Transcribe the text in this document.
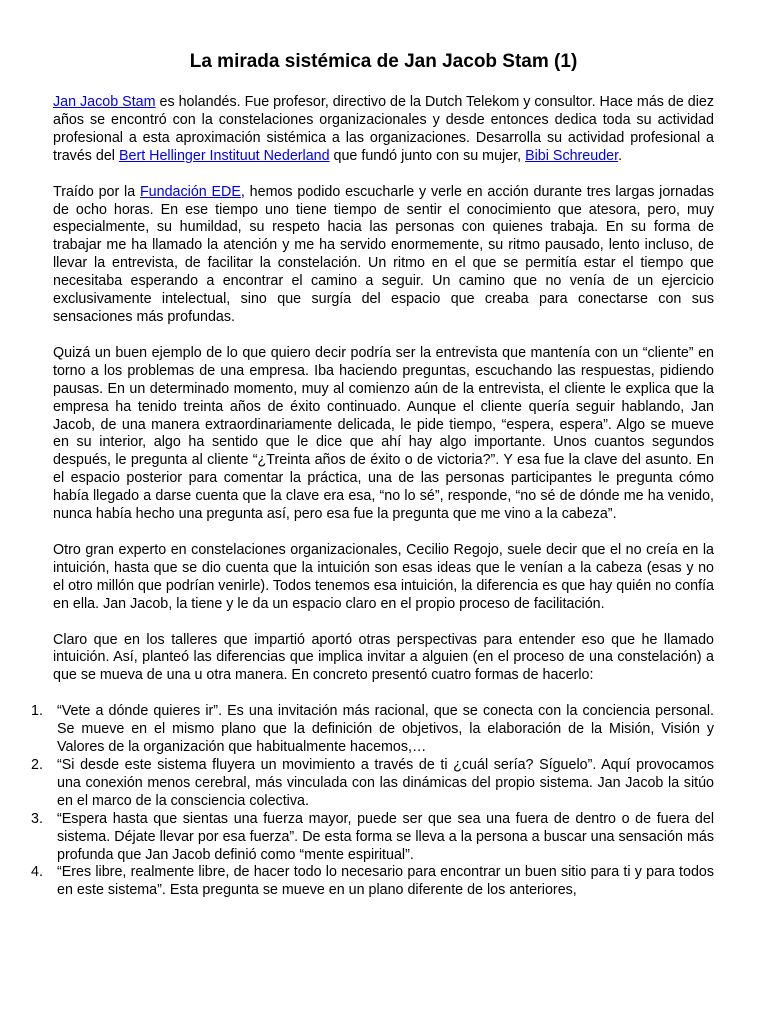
La mirada sistémica de Jan Jacob Stam (1)

Jan Jacob Stam es holandés. Fue profesor, directivo de la Dutch Telekom y consultor. Hace más de diez años se encontró con la constelaciones organizacionales y desde entonces dedica toda su actividad profesional a esta aproximación sistémica a las organizaciones. Desarrolla su actividad profesional a través del Bert Hellinger Instituut Nederland que fundó junto con su mujer, Bibi Schreuder.

Traído por la Fundación EDE, hemos podido escucharle y verle en acción durante tres largas jornadas de ocho horas. En ese tiempo uno tiene tiempo de sentir el conocimiento que atesora, pero, muy especialmente, su humildad, su respeto hacia las personas con quienes trabaja. En su forma de trabajar me ha llamado la atención y me ha servido enormemente, su ritmo pausado, lento incluso, de llevar la entrevista, de facilitar la constelación. Un ritmo en el que se permitía estar el tiempo que necesitaba esperando a encontrar el camino a seguir. Un camino que no venía de un ejercicio exclusivamente intelectual, sino que surgía del espacio que creaba para conectarse con sus sensaciones más profundas.

Quizá un buen ejemplo de lo que quiero decir podría ser la entrevista que mantenía con un “cliente” en torno a los problemas de una empresa. Iba haciendo preguntas, escuchando las respuestas, pidiendo pausas. En un determinado momento, muy al comienzo aún de la entrevista, el cliente le explica que la empresa ha tenido treinta años de éxito continuado. Aunque el cliente quería seguir hablando, Jan Jacob, de una manera extraordinariamente delicada, le pide tiempo, “espera, espera”. Algo se mueve en su interior, algo ha sentido que le dice que ahí hay algo importante. Unos cuantos segundos después, le pregunta al cliente “¿Treinta años de éxito o de victoria?”. Y esa fue la clave del asunto. En el espacio posterior para comentar la práctica, una de las personas participantes le pregunta cómo había llegado a darse cuenta que la clave era esa, “no lo sé”, responde, “no sé de dónde me ha venido, nunca había hecho una pregunta así, pero esa fue la pregunta que me vino a la cabeza”.

Otro gran experto en constelaciones organizacionales, Cecilio Regojo, suele decir que el no creía en la intuición, hasta que se dio cuenta que la intuición son esas ideas que le venían a la cabeza (esas y no el otro millón que podrían venirle). Todos tenemos esa intuición, la diferencia es que hay quién no confía en ella. Jan Jacob, la tiene y le da un espacio claro en el propio proceso de facilitación.

Claro que en los talleres que impartió aportó otras perspectivas para entender eso que he llamado intuición. Así, planteó las diferencias que implica invitar a alguien (en el proceso de una constelación) a que se mueva de una u otra manera. En concreto presentó cuatro formas de hacerlo:

1. “Vete a dónde quieres ir”. Es una invitación más racional, que se conecta con la conciencia personal. Se mueve en el mismo plano que la definición de objetivos, la elaboración de la Misión, Visión y Valores de la organización que habitualmente hacemos,…
2. “Si desde este sistema fluyera un movimiento a través de ti ¿cuál sería? Síguelo”. Aquí provocamos una conexión menos cerebral, más vinculada con las dinámicas del propio sistema. Jan Jacob la sitúo en el marco de la consciencia colectiva.
3. “Espera hasta que sientas una fuerza mayor, puede ser que sea una fuera de dentro o de fuera del sistema. Déjate llevar por esa fuerza”. De esta forma se lleva a la persona a buscar una sensación más profunda que Jan Jacob definió como “mente espiritual”.
4. “Eres libre, realmente libre, de hacer todo lo necesario para encontrar un buen sitio para ti y para todos en este sistema”. Esta pregunta se mueve en un plano diferente de los anteriores,
